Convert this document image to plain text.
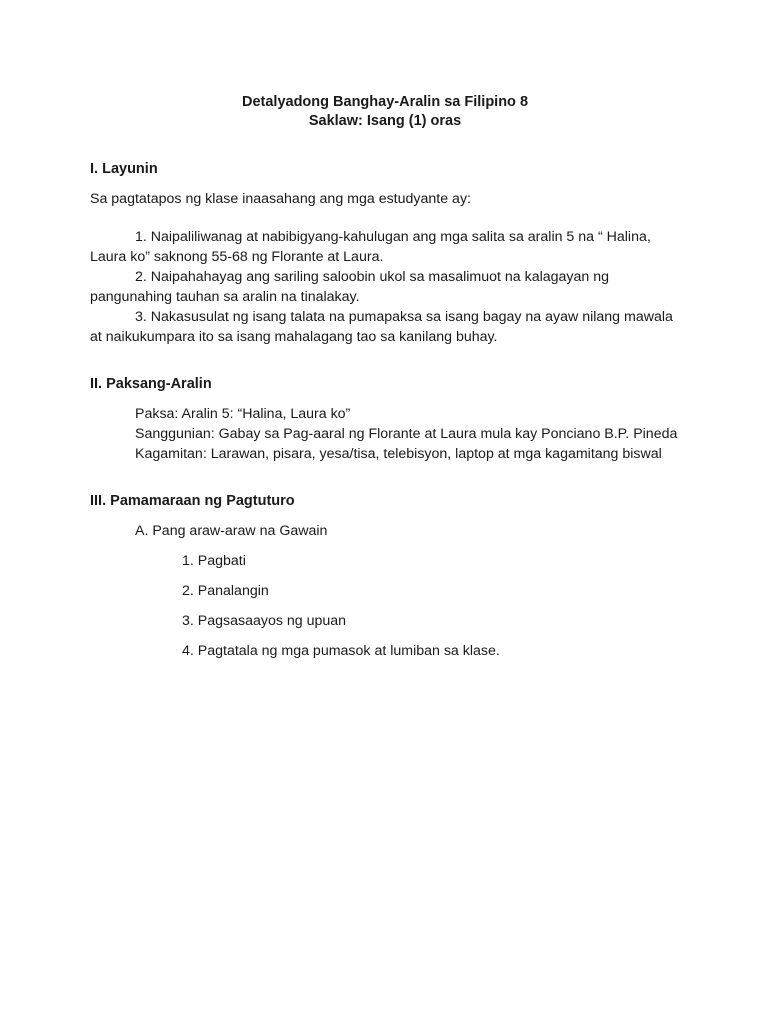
Detalyadong Banghay-Aralin sa Filipino 8
Saklaw: Isang (1) oras
I. Layunin
Sa pagtatapos ng klase inaasahang ang mga estudyante ay:
1. Naipaliliwanag at nabibigyang-kahulugan ang mga salita sa aralin 5 na “ Halina, Laura ko” saknong 55-68 ng Florante at Laura.
2. Naipahahayag ang sariling saloobin ukol sa masalimuot na kalagayan ng pangunahing tauhan sa aralin na tinalakay.
3. Nakasusulat ng isang talata na pumapaksa sa isang bagay na ayaw nilang mawala at naikukumpara ito sa isang mahalagang tao sa kanilang buhay.
II. Paksang-Aralin
Paksa: Aralin 5: “Halina, Laura ko”
Sanggunian: Gabay sa Pag-aaral ng Florante at Laura mula kay Ponciano B.P. Pineda
Kagamitan: Larawan, pisara, yesa/tisa, telebisyon, laptop at mga kagamitang biswal
III. Pamamaraan ng Pagtuturo
A. Pang araw-araw na Gawain
1. Pagbati
2. Panalangin
3. Pagsasaayos ng upuan
4. Pagtatala ng mga pumasok at lumiban sa klase.
